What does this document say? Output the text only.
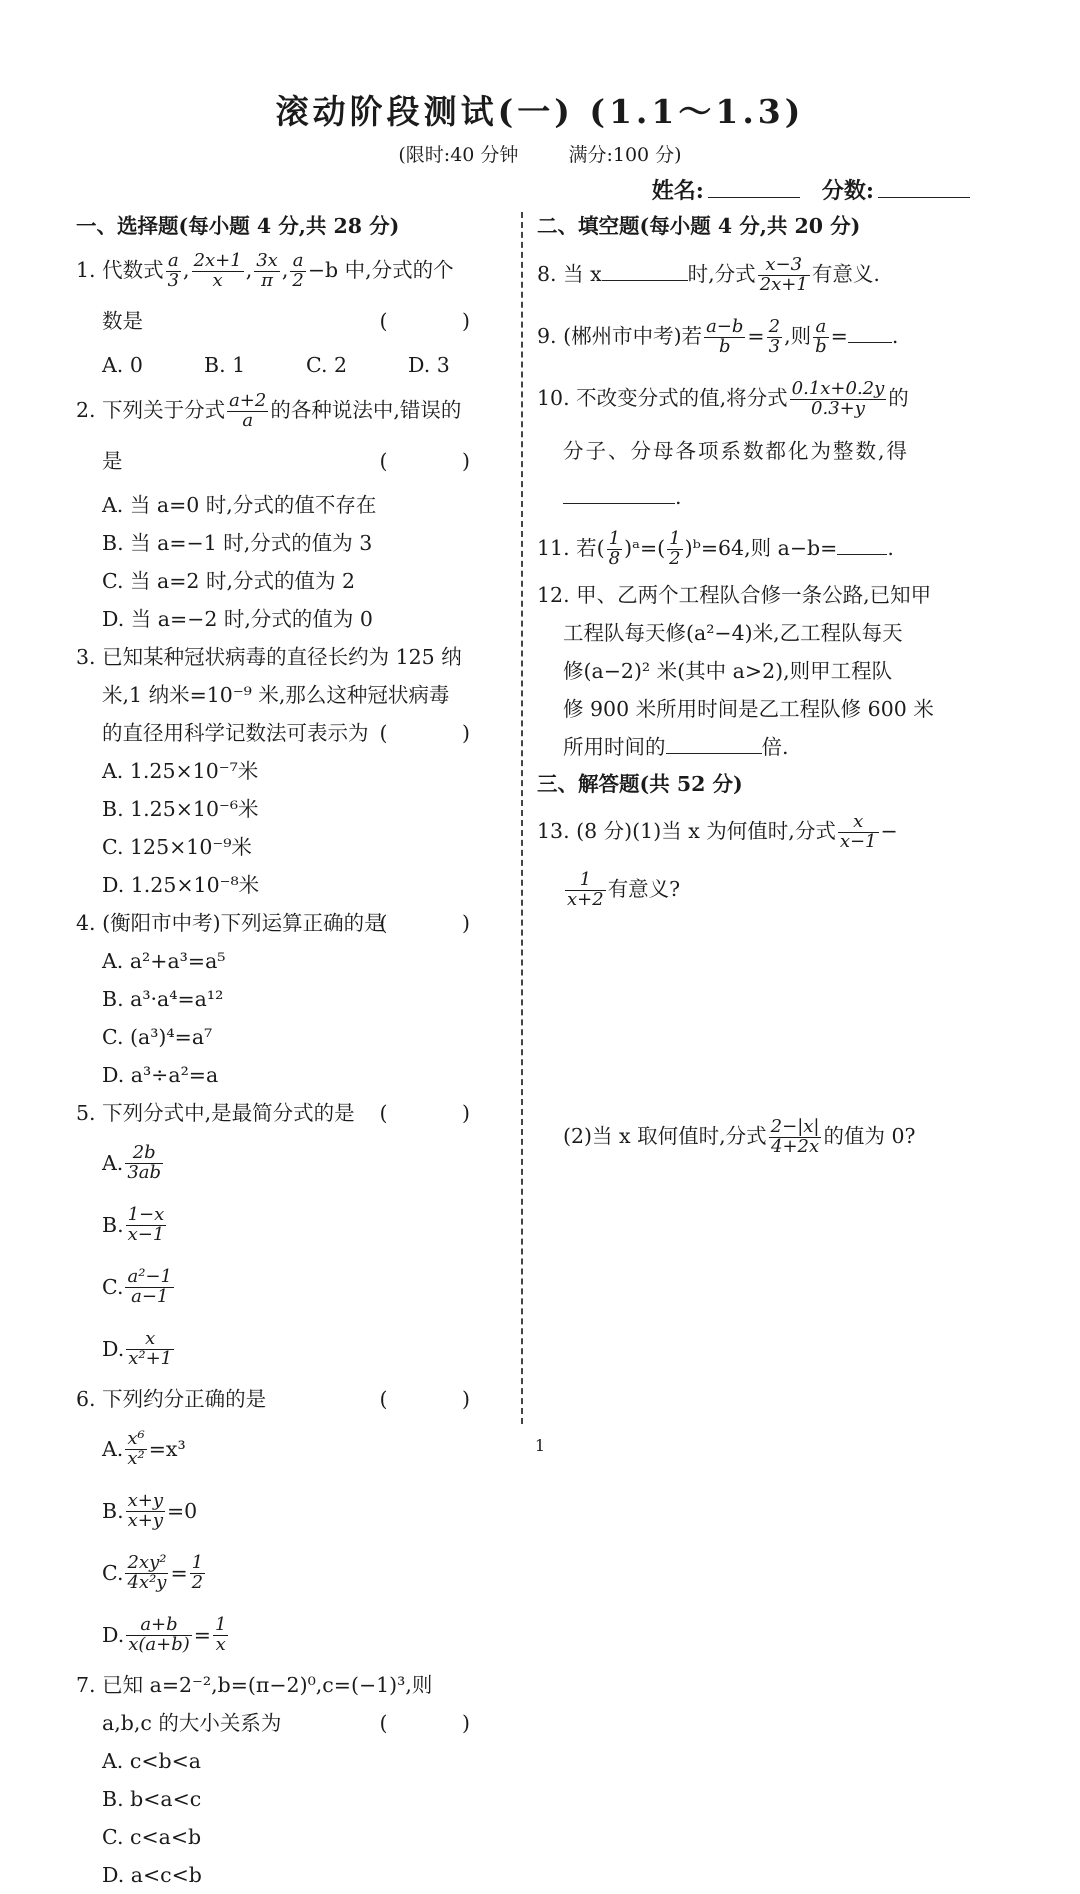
滚动阶段测试(一) (1.1～1.3)
(限时:40 分钟	满分:100 分)
姓名:	分数:
一、选择题(每小题 4 分,共 28 分)
1. 代数式 $\frac{a}{3}$ , $\frac{2x+1}{x}$ , $\frac{3x}{\pi}$ , $\frac{a}{2} -b$ 中,分式的个
数是	( )
A. 0	B. 1	C. 2	D. 3
2. 下列关于分式 $\frac{a+2}{a}$ 的各种说法中,错误的
是	( )
A. 当 a=0 时,分式的值不存在
B. 当 a=−1 时,分式的值为 3
C. 当 a=2 时,分式的值为 2
D. 当 a=−2 时,分式的值为 0
3. 已知某种冠状病毒的直径长约为 125 纳
米,1 纳米=10⁻⁹ 米,那么这种冠状病毒
的直径用科学记数法可表示为 ( )
A. 1.25×10⁻⁷米
B. 1.25×10⁻⁶米
C. 125×10⁻⁹米
D. 1.25×10⁻⁸米
4. (衡阳市中考)下列运算正确的是
( )
A. a²+a³=a⁵
B. a³·a⁴=a¹²
C. (a³)⁴=a⁷
D. a³÷a²=a
5. 下列分式中,是最简分式的是 ( )
A. $\frac{2b}{3ab}$
B. $\frac{1-x}{x-1}$
C. $\frac{\text{a²−1}}{a-1}$
D. $\frac{x}{\text{x²+1}}$
6. 下列约分正确的是	( )
A. $\frac{\text{x⁶}}{\text{x²}} =x^3$
B. $\frac{x+y}{x+y} =0$
C. $\frac{\text{2xy²}}{\text{4x²y}} = \frac{1}{2}$
D. $\frac{a+b}{x(a+b)} = \frac{1}{x}$
7. 已知 a=2⁻²,b=(π−2)⁰,c=(−1)³,则
a,b,c 的大小关系为	( )
A. c<b<a
B. b<a<c
C. c<a<b
D. a<c<b
二、填空题(每小题 4 分,共 20 分)
8. 当 x	时,分式 $\frac{x-3}{2x+1}$ 有意义.
9. (郴州市中考)若 $\frac{a-b}{b} = \frac{2}{3}$ ,则 $\frac{a}{b}$ = .
10. 不改变分式的值,将分式 $\frac{0.1x+0.2y}{0.3+y}$ 的
分子、分母各项系数都化为整数,得
.
11. 若( $\frac{1}{8}$ )ᵃ=( $\frac{1}{2}$ )ᵇ=64,则 a−b= .
12. 甲、乙两个工程队合修一条公路,已知甲
工程队每天修(a²−4)米,乙工程队每天
修(a−2)² 米(其中 a>2),则甲工程队
修 900 米所用时间是乙工程队修 600 米
所用时间的	倍.
三、解答题(共 52 分)
13. (8 分)(1)当 x 为何值时,分式 $\frac{x}{x-1}$ −
$\frac{1}{x+2}$ 有意义?
(2)当 x 取何值时,分式 $\frac{2-|x|}{4+2x}$ 的值为 0?
1
